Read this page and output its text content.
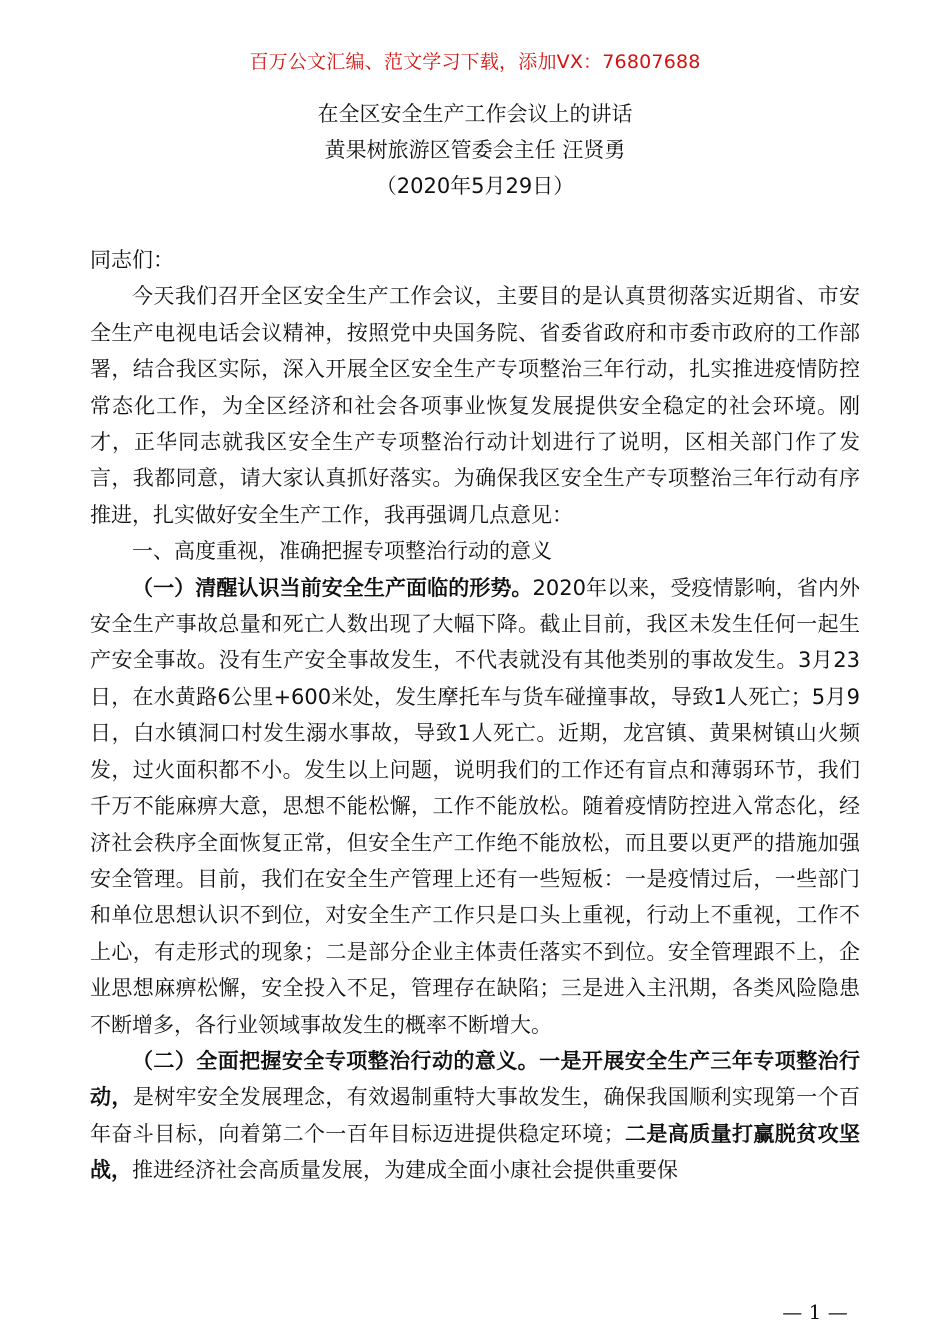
百万公文汇编、范文学习下载，添加VX：76807688
在全区安全生产工作会议上的讲话
黄果树旅游区管委会主任 汪贤勇
（2020年5月29日）

同志们：

今天我们召开全区安全生产工作会议，主要目的是认真贯彻落实近期省、市安全生产电视电话会议精神，按照党中央国务院、省委省政府和市委市政府的工作部署，结合我区实际，深入开展全区安全生产专项整治三年行动，扎实推进疫情防控常态化工作，为全区经济和社会各项事业恢复发展提供安全稳定的社会环境。刚才，正华同志就我区安全生产专项整治行动计划进行了说明，区相关部门作了发言，我都同意，请大家认真抓好落实。为确保我区安全生产专项整治三年行动有序推进，扎实做好安全生产工作，我再强调几点意见：

一、高度重视，准确把握专项整治行动的意义

（一）清醒认识当前安全生产面临的形势。2020年以来，受疫情影响，省内外安全生产事故总量和死亡人数出现了大幅下降。截止目前，我区未发生任何一起生产安全事故。没有生产安全事故发生，不代表就没有其他类别的事故发生。3月23日，在水黄路6公里+600米处，发生摩托车与货车碰撞事故，导致1人死亡；5月9日，白水镇洞口村发生溺水事故，导致1人死亡。近期，龙宫镇、黄果树镇山火频发，过火面积都不小。发生以上问题，说明我们的工作还有盲点和薄弱环节，我们千万不能麻痹大意，思想不能松懈，工作不能放松。随着疫情防控进入常态化，经济社会秩序全面恢复正常，但安全生产工作绝不能放松，而且要以更严的措施加强安全管理。目前，我们在安全生产管理上还有一些短板：一是疫情过后，一些部门和单位思想认识不到位，对安全生产工作只是口头上重视，行动上不重视，工作不上心，有走形式的现象；二是部分企业主体责任落实不到位。安全管理跟不上，企业思想麻痹松懈，安全投入不足，管理存在缺陷；三是进入主汛期，各类风险隐患不断增多，各行业领域事故发生的概率不断增大。

（二）全面把握安全专项整治行动的意义。一是开展安全生产三年专项整治行动，是树牢安全发展理念，有效遏制重特大事故发生，确保我国顺利实现第一个百年奋斗目标，向着第二个一百年目标迈进提供稳定环境；二是高质量打赢脱贫攻坚战，推进经济社会高质量发展，为建成全面小康社会提供重要保

— 1 —
